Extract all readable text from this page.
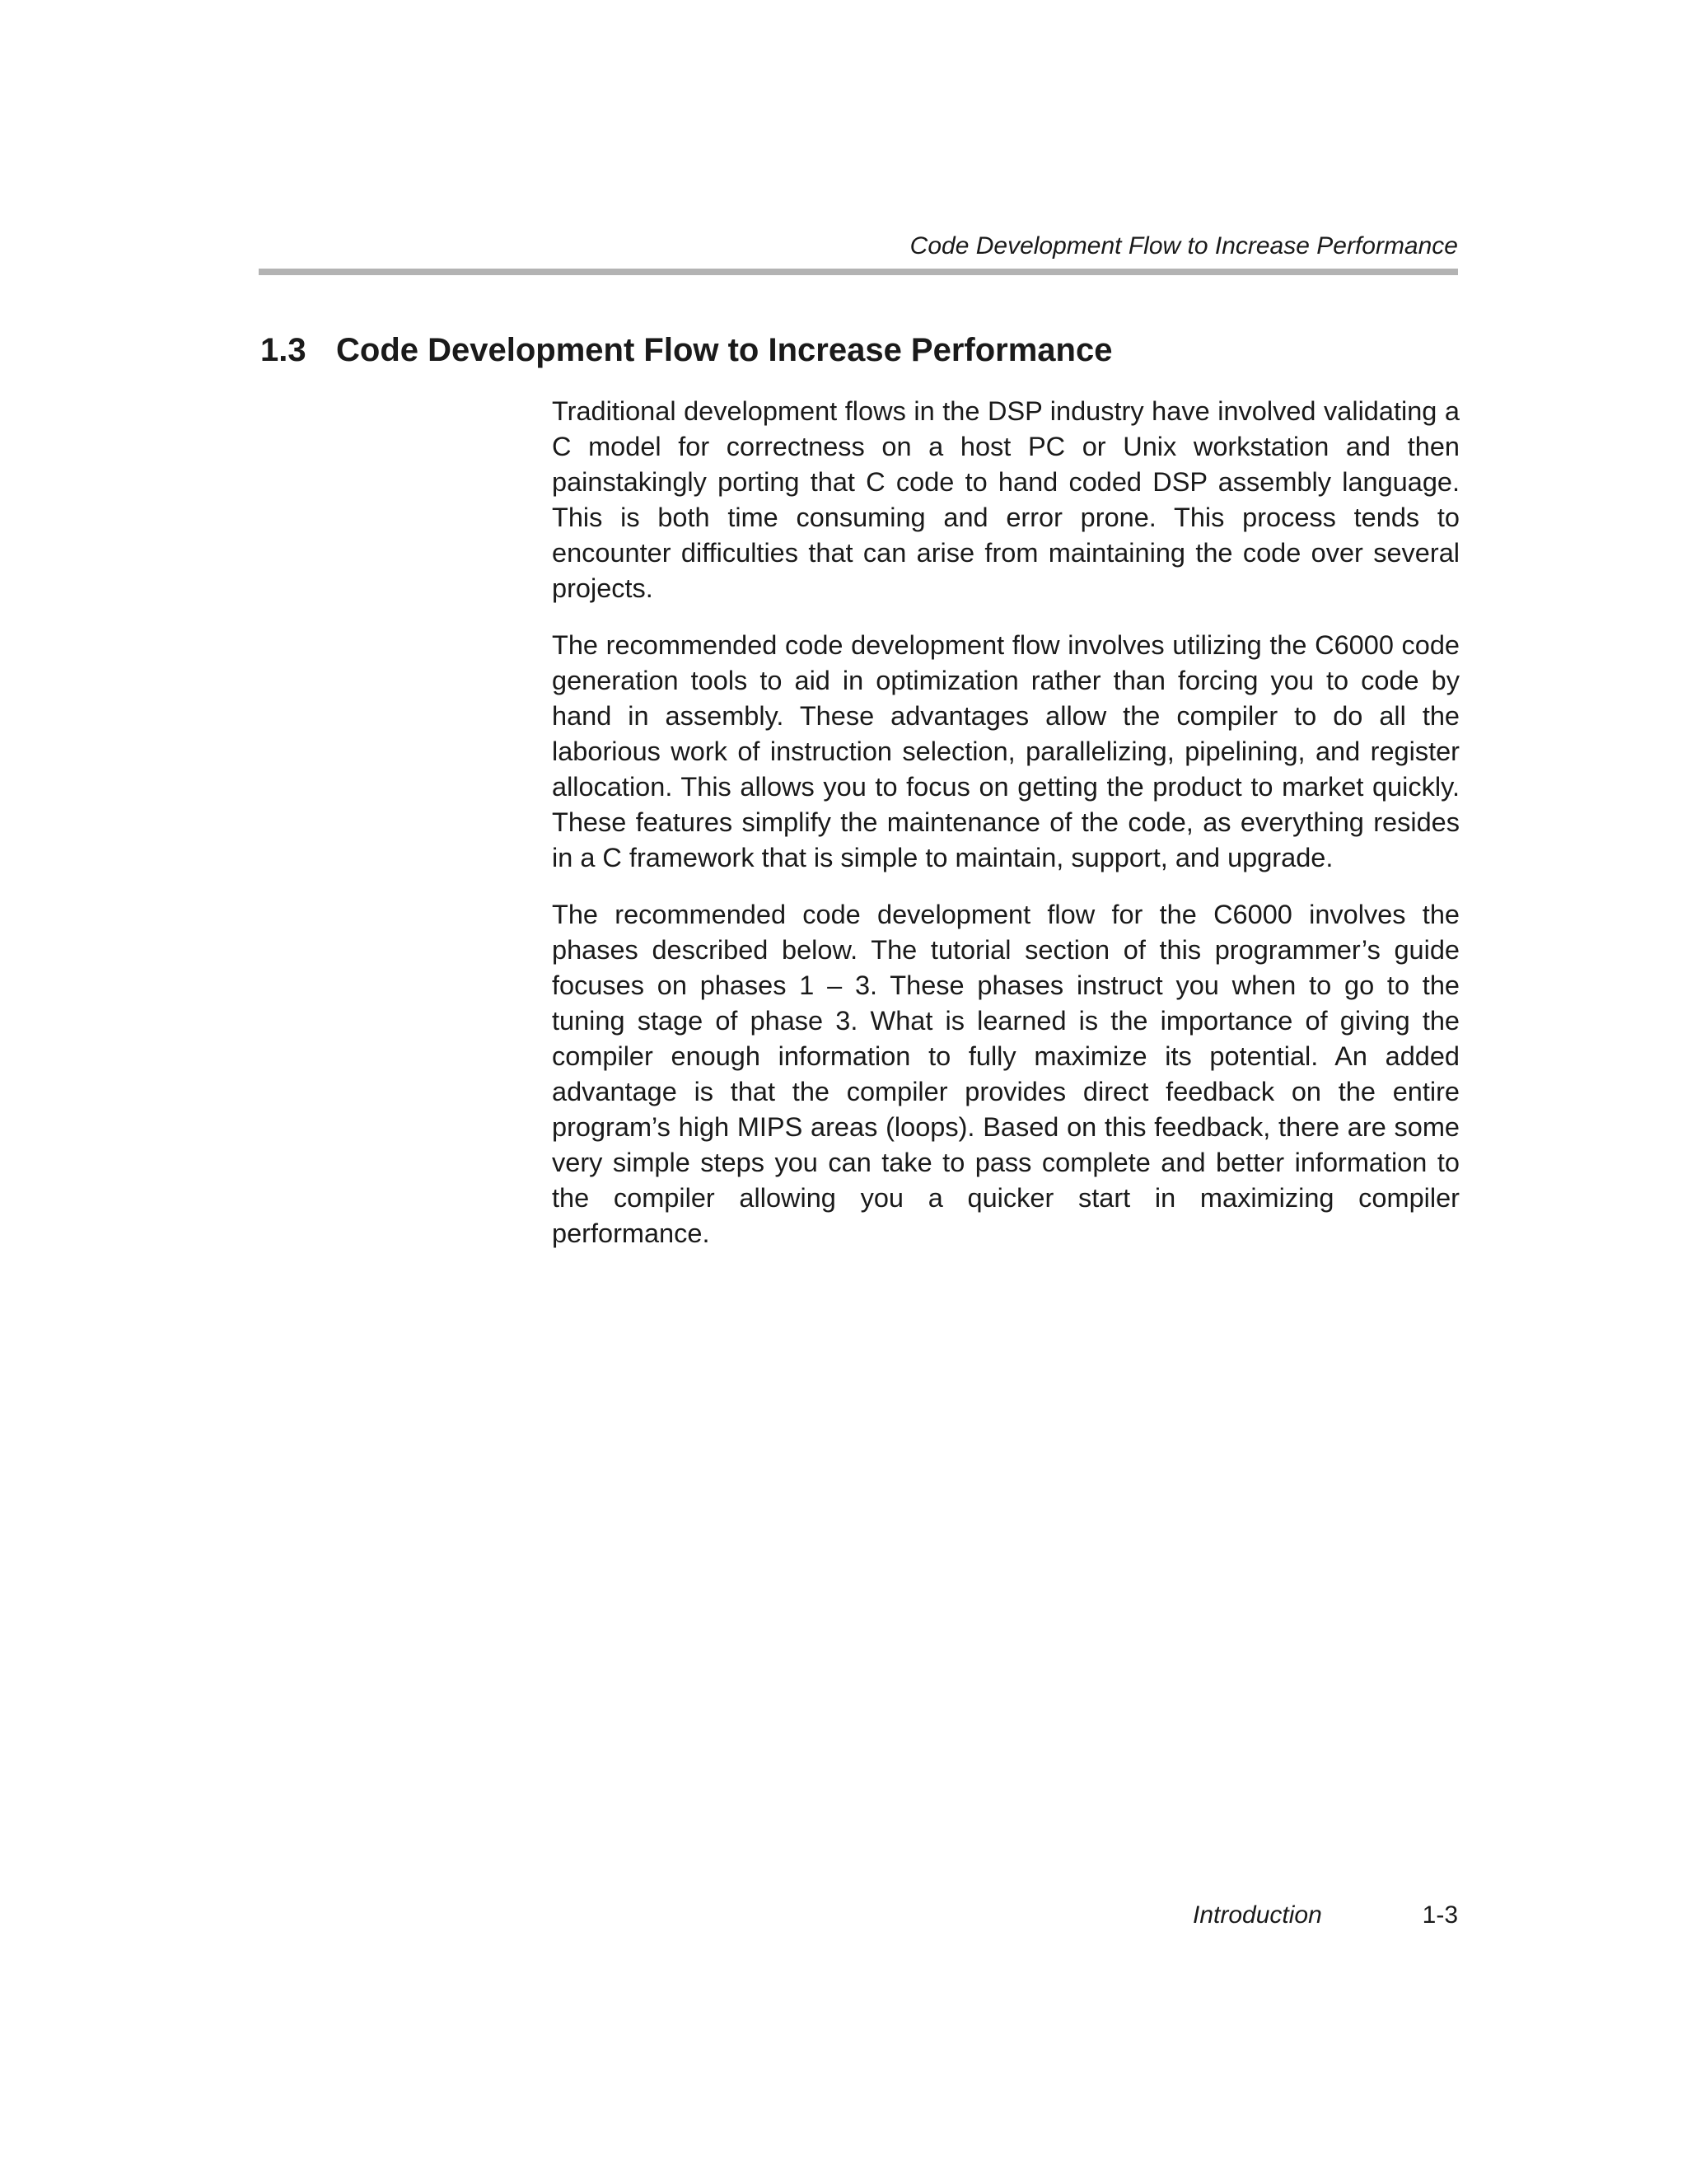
Code Development Flow to Increase Performance
1.3 Code Development Flow to Increase Performance

Traditional development flows in the DSP industry have involved validating a C model for correctness on a host PC or Unix workstation and then painstakingly porting that C code to hand coded DSP assembly language. This is both time consuming and error prone. This process tends to encounter difficulties that can arise from maintaining the code over several projects.

The recommended code development flow involves utilizing the C6000 code generation tools to aid in optimization rather than forcing you to code by hand in assembly. These advantages allow the compiler to do all the laborious work of instruction selection, parallelizing, pipelining, and register allocation. This allows you to focus on getting the product to market quickly. These features simplify the maintenance of the code, as everything resides in a C framework that is simple to maintain, support, and upgrade.

The recommended code development flow for the C6000 involves the phases described below. The tutorial section of this programmer’s guide focuses on phases 1 – 3. These phases instruct you when to go to the tuning stage of phase 3. What is learned is the importance of giving the compiler enough information to fully maximize its potential. An added advantage is that the compiler provides direct feedback on the entire program’s high MIPS areas (loops). Based on this feedback, there are some very simple steps you can take to pass complete and better information to the compiler allowing you a quicker start in maximizing compiler performance.

Introduction	1-3
